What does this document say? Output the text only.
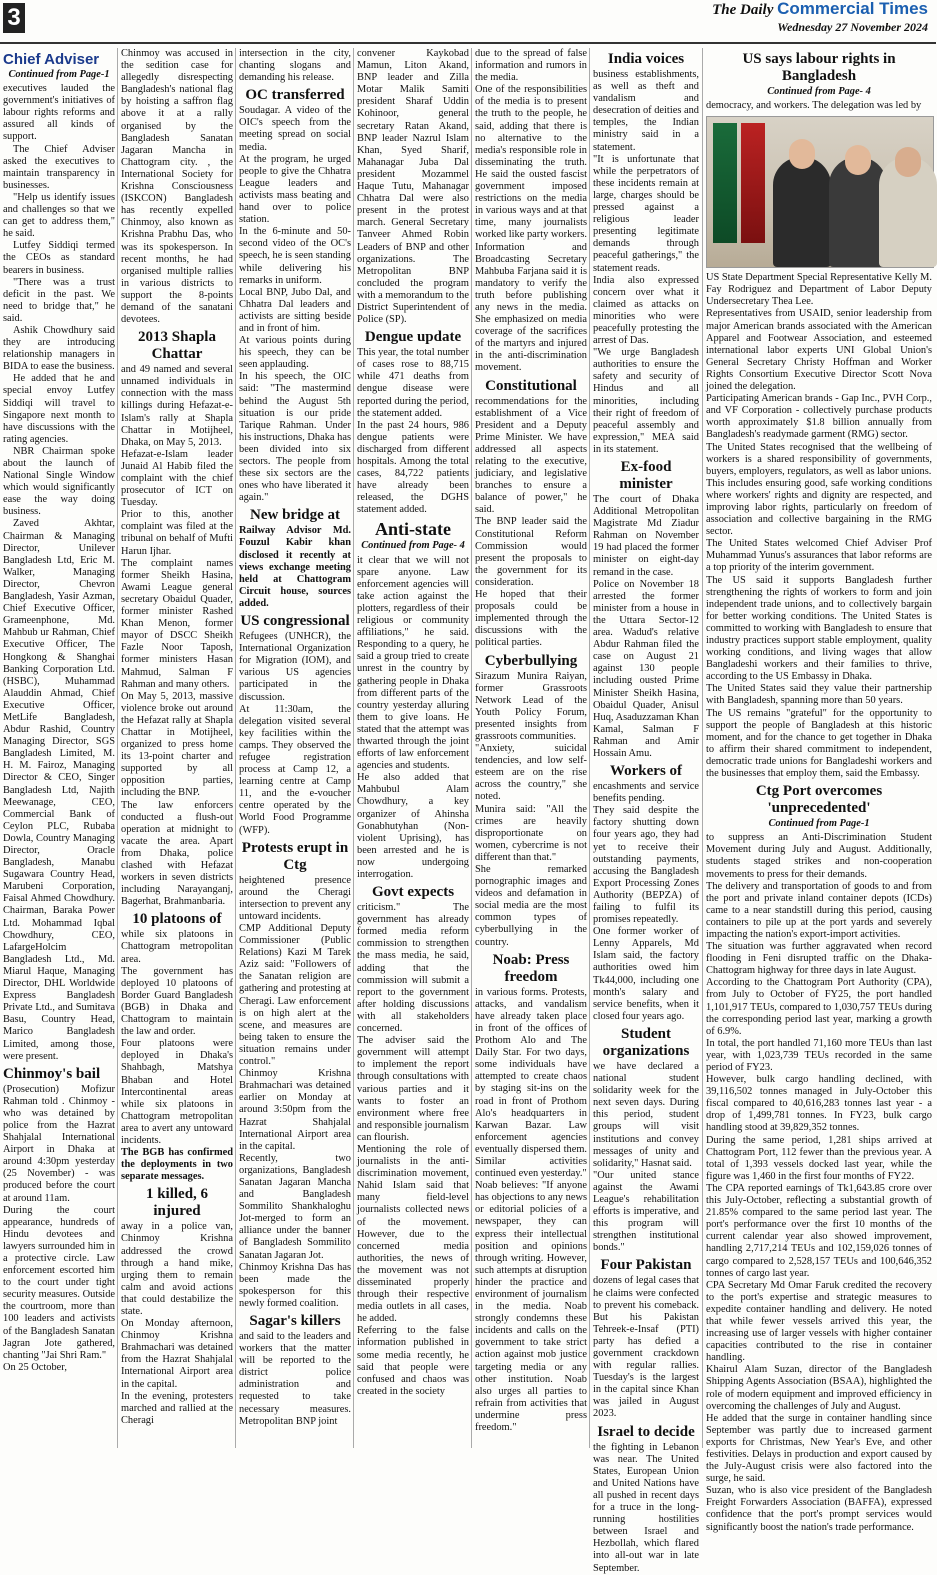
3	The Daily Commercial Times
Wednesday 27 November 2024
Chief Adviser
Continued from Page-1

executives lauded the government's initiatives of labour rights reforms and assured all kinds of support.

The Chief Adviser asked the executives to maintain transparency in businesses.

"Help us identify issues and challenges so that we can get to address them," he said.

Lutfey Siddiqi termed the CEOs as standard bearers in business.

"There was a trust deficit in the past. We need to bridge that," he said.

Ashik Chowdhury said they are introducing relationship managers in BIDA to ease the business.

He added that he and special envoy Lutfey Siddiqi will travel to Singapore next month to have discussions with the rating agencies.

NBR Chairman spoke about the launch of National Single Window which would significantly ease the way doing business.

Zaved Akhtar, Chairman & Managing Director, Unilever Bangladesh Ltd, Eric M. Walker, Managing Director, Chevron Bangladesh, Yasir Azman, Chief Executive Officer, Grameenphone, Md. Mahbub ur Rahman, Chief Executive Officer, The Hongkong & Shanghai Banking Corporation Ltd. (HSBC), Muhammad Alauddin Ahmad, Chief Executive Officer, MetLife Bangladesh, Abdur Rashid, Country Managing Director, SGS Bangladesh Limited, M. H. M. Fairoz, Managing Director & CEO, Singer Bangladesh Ltd, Najith Meewanage, CEO, Commercial Bank of Ceylon PLC, Rubaba Dowla, Country Managing Director, Oracle Bangladesh, Manabu Sugawara Country Head, Marubeni Corporation, Faisal Ahmed Chowdhury. Chairman, Baraka Power Ltd. Mohammad Iqbal Chowdhury, CEO, LafargeHolcim Bangladesh Ltd., Md. Miarul Haque, Managing Director, DHL Worldwide Express Bangladesh Private Ltd., and Sumitava Basu, Country Head, Marico Bangladesh Limited, among those, were present.

Chinmoy's bail

(Prosecution) Mofizur Rahman told . Chinmoy - who was detained by police from the Hazrat Shahjalal International Airport in Dhaka at around 4:30pm yesterday (25 November) - was produced before the court at around 11am.

During the court appearance, hundreds of Hindu devotees and lawyers surrounded him in a protective circle. Law enforcement escorted him to the court under tight security measures. Outside the courtroom, more than 100 leaders and activists of the Bangladesh Sanatan Jagran Jote gathered, chanting "Jai Shri Ram."

On 25 October,

Chinmoy was accused in the sedition case for allegedly disrespecting Bangladesh's national flag by hoisting a saffron flag above it at a rally organised by the Bangladesh Sanatan Jagaran Mancha in Chattogram city. , the International Society for Krishna Consciousness (ISKCON) Bangladesh has recently expelled Chinmoy, also known as Krishna Prabhu Das, who was its spokesperson. In recent months, he had organised multiple rallies in various districts to support the 8-points demand of the sanatani devotees.

2013 Shapla Chattar

and 49 named and several unnamed individuals in connection with the mass killings during Hefazat-e-Islam's rally at Shapla Chattar in Motijheel, Dhaka, on May 5, 2013.

Hefazat-e-Islam leader Junaid Al Habib filed the complaint with the chief prosecutor of ICT on Tuesday.

Prior to this, another complaint was filed at the tribunal on behalf of Mufti Harun Ijhar.

The complaint names former Sheikh Hasina, Awami League general secretary Obaidul Quader, former minister Rashed Khan Menon, former mayor of DSCC Sheikh Fazle Noor Taposh, former ministers Hasan Mahmud, Salman F Rahman and many others.

On May 5, 2013, massive violence broke out around the Hefazat rally at Shapla Chattar in Motijheel, organized to press home its 13-point charter and supported by all opposition parties, including the BNP.

The law enforcers conducted a flush-out operation at midnight to vacate the area. Apart from Dhaka, police clashed with Hefazat workers in seven districts including Narayanganj, Bagerhat, Brahmanbaria.

10 platoons of

while six platoons in Chattogram metropolitan area.

The government has deployed 10 platoons of Border Guard Bangladesh (BGB) in Dhaka and Chattogram to maintain the law and order.

Four platoons were deployed in Dhaka's Shahbagh, Matshya Bhaban and Hotel Intercontinental areas while six platoons in Chattogram metropolitan area to avert any untoward incidents.

The BGB has confirmed the deployments in two separate messages.

1 killed, 6 injured

away in a police van, Chinmoy Krishna addressed the crowd through a hand mike, urging them to remain calm and avoid actions that could destabilize the state.

On Monday afternoon, Chinmoy Krishna Brahmachari was detained from the Hazrat Shahjalal International Airport area in the capital.

In the evening, protesters marched and rallied at the Cheragi

intersection in the city, chanting slogans and demanding his release.

OC transferred

Soudagar. A video of the OIC's speech from the meeting spread on social media.

At the program, he urged people to give the Chhatra League leaders and activists mass beating and hand over to police station.

In the 6-minute and 50-second video of the OC's speech, he is seen standing while delivering his remarks in uniform.

Local BNP, Jubo Dal, and Chhatra Dal leaders and activists are sitting beside and in front of him.

At various points during his speech, they can be seen applauding.

In his speech, the OIC said: "The mastermind behind the August 5th situation is our pride Tarique Rahman. Under his instructions, Dhaka has been divided into six sectors. The people from these six sectors are the ones who have liberated it again."

New bridge at

Railway Advisor Md. Fouzul Kabir khan disclosed it recently at views exchange meeting held at Chattogram Circuit house, sources added.

US congressional

Refugees (UNHCR), the International Organization for Migration (IOM), and various US agencies participated in the discussion.

At 11:30am, the delegation visited several key facilities within the camps. They observed the refugee registration process at Camp 12, a learning centre at Camp 11, and the e-voucher centre operated by the World Food Programme (WFP).

Protests erupt in Ctg

heightened presence around the Cheragi intersection to prevent any untoward incidents.

CMP Additional Deputy Commissioner (Public Relations) Kazi M Tarek Aziz said: "Followers of the Sanatan religion are gathering and protesting at Cheragi. Law enforcement is on high alert at the scene, and measures are being taken to ensure the situation remains under control."

Chinmoy Krishna Brahmachari was detained earlier on Monday at around 3:50pm from the Hazrat Shahjalal International Airport area in the capital.

Recently, two organizations, Bangladesh Sanatan Jagaran Mancha and Bangladesh Sommilito Shankhaloghu Jot-merged to form an alliance under the banner of Bangladesh Sommilito Sanatan Jagaran Jot.

Chinmoy Krishna Das has been made the spokesperson for this newly formed coalition.

Sagar's killers

and said to the leaders and workers that the matter will be reported to the district police administration and requested to take necessary measures. Metropolitan BNP joint

convener Kaykobad Mamun, Liton Akand, BNP leader and Zilla Motar Malik Samiti president Sharaf Uddin Kohinoor, general secretary Ratan Akand, BNP leader Nazrul Islam Khan, Syed Sharif, Mahanagar Juba Dal president Mozammel Haque Tutu, Mahanagar Chhatra Dal were also present in the protest march. General Secretary Tanveer Ahmed Robin Leaders of BNP and other organizations. The Metropolitan BNP concluded the program with a memorandum to the District Superintendent of Police (SP).

Dengue update

This year, the total number of cases rose to 88,715 while 471 deaths from dengue disease were reported during the period, the statement added.

In the past 24 hours, 986 dengue patients were discharged from different hospitals. Among the total cases, 84,722 patients have already been released, the DGHS statement added.

Anti-state
Continued from Page- 4

it clear that we will not spare anyone. Law enforcement agencies will take action against the plotters, regardless of their religious or community affiliations," he said. Responding to a query, he said a group tried to create unrest in the country by gathering people in Dhaka from different parts of the country yesterday alluring them to give loans. He stated that the attempt was thwarted through the joint efforts of law enforcement agencies and students.

He also added that Mahbubul Alam Chowdhury, a key organizer of Ahinsha Gonabhutyhan (Non-violent Uprising), has been arrested and he is now undergoing interrogation.

Govt expects

criticism." The government has already formed media reform commission to strengthen the mass media, he said, adding that the commission will submit a report to the government after holding discussions with all stakeholders concerned.

The adviser said the government will attempt to implement the report through consultations with various parties and it wants to foster an environment where free and responsible journalism can flourish.

Mentioning the role of journalists in the anti-discrimination movement, Nahid Islam said that many field-level journalists collected news of the movement. However, due to the concerned media authorities, the news of the movement was not disseminated properly through their respective media outlets in all cases, he added.

Referring to the false information published in some media recently, he said that people were confused and chaos was created in the society

due to the spread of false information and rumors in the media.

One of the responsibilities of the media is to present the truth to the people, he said, adding that there is no alternative to the media's responsible role in disseminating the truth. He said the ousted fascist government imposed restrictions on the media in various ways and at that time, many journalists worked like party workers. Information and Broadcasting Secretary Mahbuba Farjana said it is mandatory to verify the truth before publishing any news in the media. She emphasized on media coverage of the sacrifices of the martyrs and injured in the anti-discrimination movement.

Constitutional

recommendations for the establishment of a Vice President and a Deputy Prime Minister. We have addressed all aspects relating to the executive, judiciary, and legislative branches to ensure a balance of power," he said.

The BNP leader said the Constitutional Reform Commission would present the proposals to the government for its consideration.

He hoped that their proposals could be implemented through the discussions with the political parties.

Cyberbullying

Sirazum Munira Raiyan, former Grassroots Network Lead of the Youth Policy Forum, presented insights from grassroots communities.

"Anxiety, suicidal tendencies, and low self-esteem are on the rise across the country," she noted.

Munira said: "All the crimes are heavily disproportionate on women, cybercrime is not different than that."

She remarked pornographic images and videos and defamation in social media are the most common types of cyberbullying in the country.

Noab: Press freedom

in various forms. Protests, attacks, and vandalism have already taken place in front of the offices of Prothom Alo and The Daily Star. For two days, some individuals have attempted to create chaos by staging sit-ins on the road in front of Prothom Alo's headquarters in Karwan Bazar. Law enforcement agencies eventually dispersed them. Similar activities continued even yesterday."

Noab believes: "If anyone has objections to any news or editorial policies of a newspaper, they can express their intellectual position and opinions through writing. However, such attempts at disruption hinder the practice and environment of journalism in the media. Noab strongly condemns these incidents and calls on the government to take strict action against mob justice targeting media or any other institution. Noab also urges all parties to refrain from activities that undermine press freedom."

India voices

business establishments, as well as theft and vandalism and desecration of deities and temples, the Indian ministry said in a statement.

"It is unfortunate that while the perpetrators of these incidents remain at large, charges should be pressed against a religious leader presenting legitimate demands through peaceful gatherings," the statement reads.

India also expressed concern over what it claimed as attacks on minorities who were peacefully protesting the arrest of Das.

"We urge Bangladesh authorities to ensure the safety and security of Hindus and all minorities, including their right of freedom of peaceful assembly and expression," MEA said in its statement.

Ex-food minister

The court of Dhaka Additional Metropolitan Magistrate Md Ziadur Rahman on November 19 had placed the former minister on eight-day remand in the case.

Police on November 18 arrested the former minister from a house in the Uttara Sector-12 area. Wadud's relative Abdur Rahman filed the case on August 21 against 130 people including ousted Prime Minister Sheikh Hasina, Obaidul Quader, Anisul Huq, Asaduzzaman Khan Kamal, Salman F Rahman and Amir Hossain Amu.

Workers of

encashments and service benefits pending.

They said despite the factory shutting down four years ago, they had yet to receive their outstanding payments, accusing the Bangladesh Export Processing Zones Authority (BEPZA) of failing to fulfil its promises repeatedly.

One former worker of Lenny Apparels, Md Islam said, the factory authorities owed him Tk44,000, including one month's salary and service benefits, when it closed four years ago.

Student organizations

we have declared a national student solidarity week for the next seven days. During this period, student groups will visit institutions and convey messages of unity and solidarity," Hasnat said.

"Our united stance against the Awami League's rehabilitation efforts is imperative, and this program will strengthen institutional bonds."

Four Pakistan

dozens of legal cases that he claims were confected to prevent his comeback. But his Pakistan Tehreek-e-Insaf (PTI) party has defied a government crackdown with regular rallies. Tuesday's is the largest in the capital since Khan was jailed in August 2023.

Israel to decide

the fighting in Lebanon was near. The United States, European Union and United Nations have all pushed in recent days for a truce in the long-running hostilities between Israel and Hezbollah, which flared into all-out war in late September.

US says labour rights in Bangladesh
Continued from Page- 4

democracy, and workers. The delegation was led by

US State Department Special Representative Kelly M. Fay Rodriguez and Department of Labor Deputy Undersecretary Thea Lee.

Representatives from USAID, senior leadership from major American brands associated with the American Apparel and Footwear Association, and esteemed international labor experts UNI Global Union's General Secretary Christy Hoffman and Worker Rights Consortium Executive Director Scott Nova joined the delegation.

Participating American brands - Gap Inc., PVH Corp., and VF Corporation - collectively purchase products worth approximately $1.8 billion annually from Bangladesh's readymade garment (RMG) sector.

The United States recognised that the wellbeing of workers is a shared responsibility of governments, buyers, employers, regulators, as well as labor unions.

This includes ensuring good, safe working conditions where workers' rights and dignity are respected, and improving labor rights, particularly on freedom of association and collective bargaining in the RMG sector.

The United States welcomed Chief Adviser Prof Muhammad Yunus's assurances that labor reforms are a top priority of the interim government.

The US said it supports Bangladesh further strengthening the rights of workers to form and join independent trade unions, and to collectively bargain for better working conditions. The United States is committed to working with Bangladesh to ensure that industry practices support stable employment, quality working conditions, and living wages that allow Bangladeshi workers and their families to thrive, according to the US Embassy in Dhaka.

The United States said they value their partnership with Bangladesh, spanning more than 50 years.

The US remains "grateful" for the opportunity to support the people of Bangladesh at this historic moment, and for the chance to get together in Dhaka to affirm their shared commitment to independent, democratic trade unions for Bangladeshi workers and the businesses that employ them, said the Embassy.

Ctg Port overcomes 'unprecedented'
Continued from Page-1

to suppress an Anti-Discrimination Student Movement during July and August. Additionally, students staged strikes and non-cooperation movements to press for their demands.

The delivery and transportation of goods to and from the port and private inland container depots (ICDs) came to a near standstill during this period, causing containers to pile up at the port yards and severely impacting the nation's export-import activities.

The situation was further aggravated when record flooding in Feni disrupted traffic on the Dhaka-Chattogram highway for three days in late August.

According to the Chattogram Port Authority (CPA), from July to October of FY25, the port handled 1,101,917 TEUs, compared to 1,030,757 TEUs during the corresponding period last year, marking a growth of 6.9%.

In total, the port handled 71,160 more TEUs than last year, with 1,023,739 TEUs recorded in the same period of FY23.

However, bulk cargo handling declined, with 39,116,502 tonnes managed in July-October this fiscal compared to 40,616,283 tonnes last year - a drop of 1,499,781 tonnes. In FY23, bulk cargo handling stood at 39,829,352 tonnes.

During the same period, 1,281 ships arrived at Chattogram Port, 112 fewer than the previous year. A total of 1,393 vessels docked last year, while the figure was 1,460 in the first four months of FY22.

The CPA reported earnings of Tk1,643.85 crore over this July-October, reflecting a substantial growth of 21.85% compared to the same period last year. The port's performance over the first 10 months of the current calendar year also showed improvement, handling 2,717,214 TEUs and 102,159,026 tonnes of cargo compared to 2,528,157 TEUs and 100,646,352 tonnes of cargo last year.

CPA Secretary Md Omar Faruk credited the recovery to the port's expertise and strategic measures to expedite container handling and delivery. He noted that while fewer vessels arrived this year, the increasing use of larger vessels with higher container capacities contributed to the rise in container handling.

Khairul Alam Suzan, director of the Bangladesh Shipping Agents Association (BSAA), highlighted the role of modern equipment and improved efficiency in overcoming the challenges of July and August.

He added that the surge in container handling since September was partly due to increased garment exports for Christmas, New Year's Eve, and other festivities. Delays in production and export caused by the July-August crisis were also factored into the surge, he said.

Suzan, who is also vice president of the Bangladesh Freight Forwarders Association (BAFFA), expressed confidence that the port's prompt services would significantly boost the nation's trade performance.
